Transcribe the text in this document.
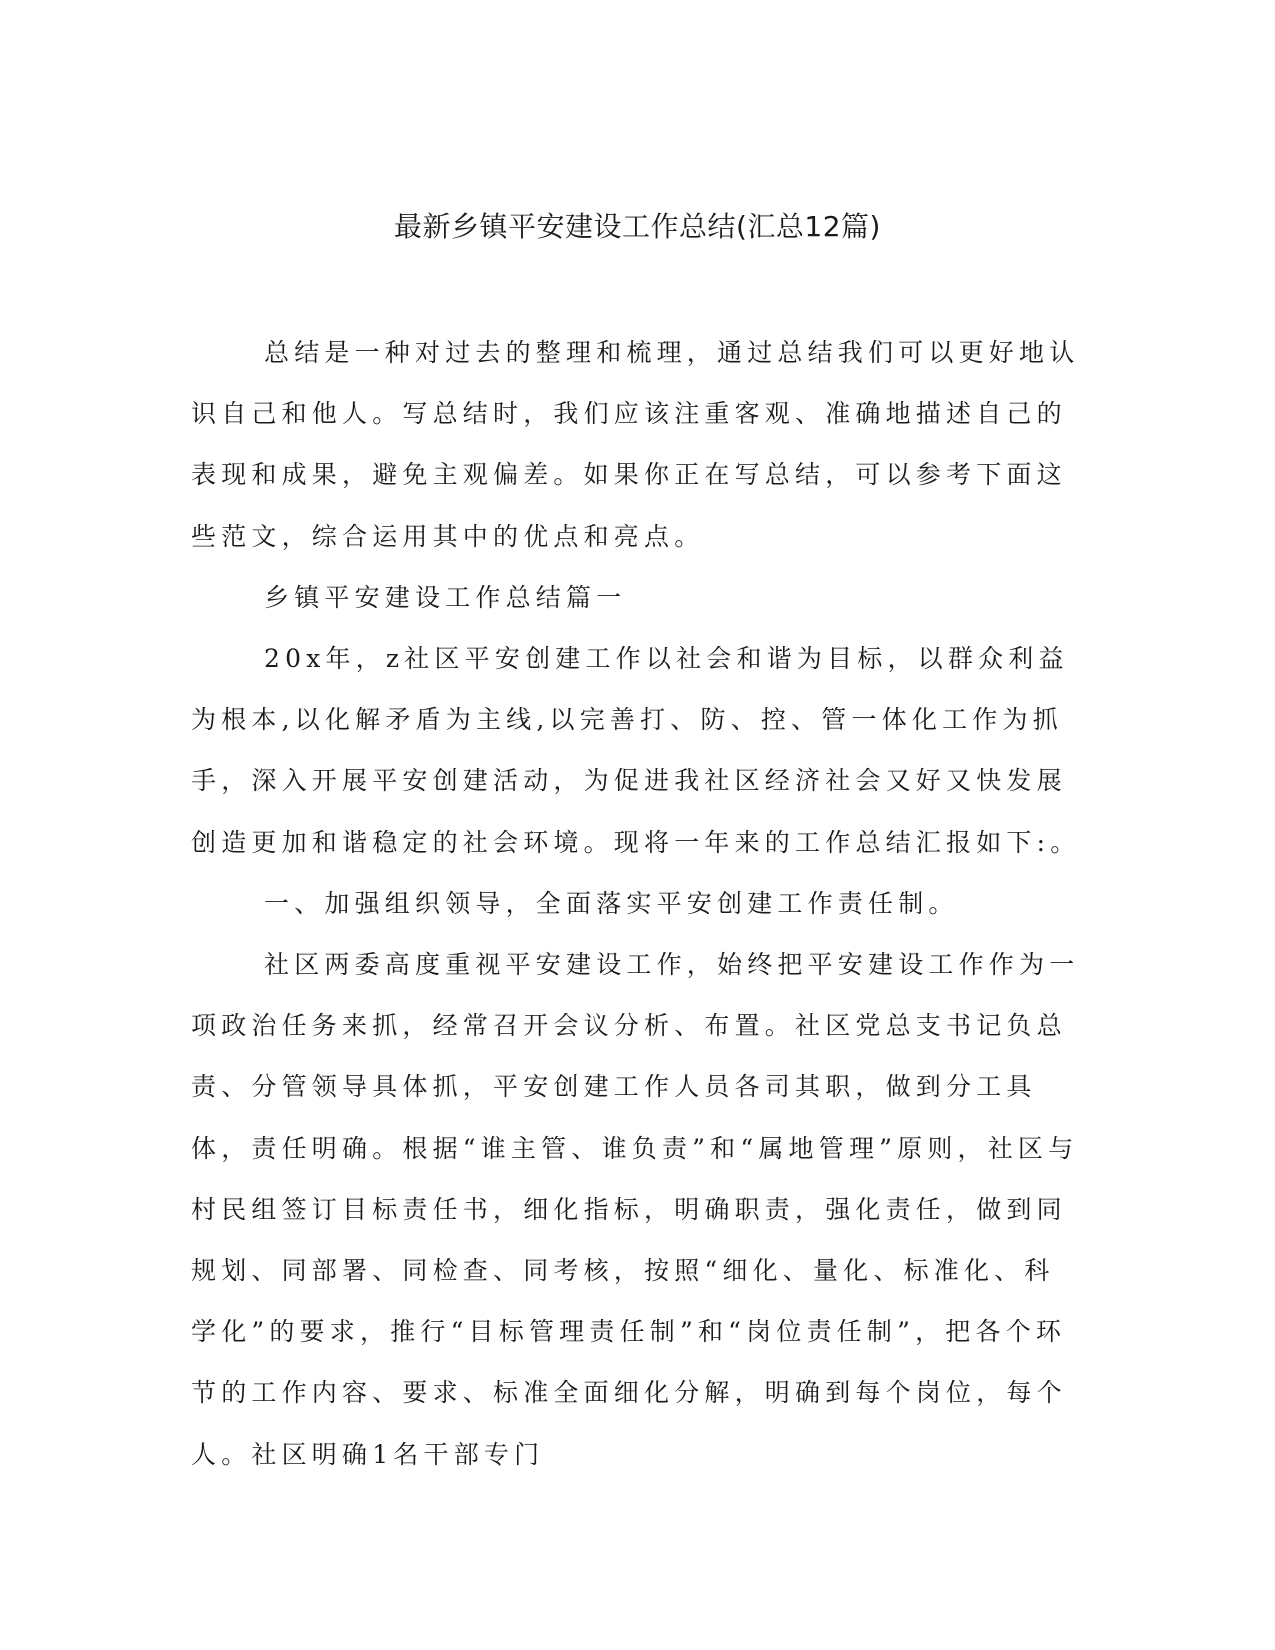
最新乡镇平安建设工作总结(汇总12篇)

总结是一种对过去的整理和梳理，通过总结我们可以更好地认识自己和他人。写总结时，我们应该注重客观、准确地描述自己的表现和成果，避免主观偏差。如果你正在写总结，可以参考下面这些范文，综合运用其中的优点和亮点。

乡镇平安建设工作总结篇一

20x年，z社区平安创建工作以社会和谐为目标，以群众利益为根本,以化解矛盾为主线,以完善打、防、控、管一体化工作为抓手，深入开展平安创建活动，为促进我社区经济社会又好又快发展创造更加和谐稳定的社会环境。现将一年来的工作总结汇报如下:。

一、加强组织领导，全面落实平安创建工作责任制。

社区两委高度重视平安建设工作，始终把平安建设工作作为一项政治任务来抓，经常召开会议分析、布置。社区党总支书记负总责、分管领导具体抓，平安创建工作人员各司其职，做到分工具体，责任明确。根据“谁主管、谁负责”和“属地管理”原则，社区与村民组签订目标责任书，细化指标，明确职责，强化责任，做到同规划、同部署、同检查、同考核，按照“细化、量化、标准化、科学化”的要求，推行“目标管理责任制”和“岗位责任制”，把各个环节的工作内容、要求、标准全面细化分解，明确到每个岗位，每个人。社区明确1名干部专门
